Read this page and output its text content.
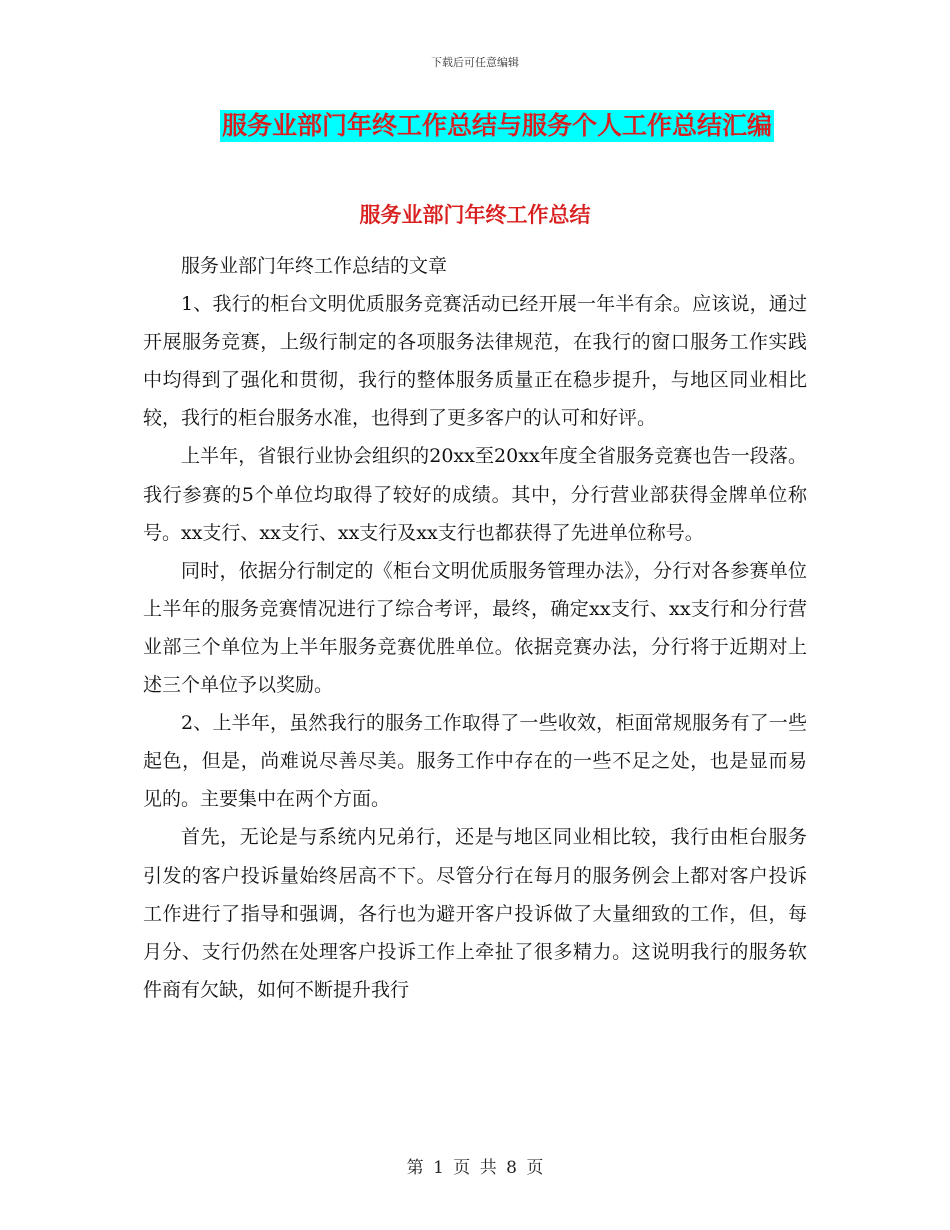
下载后可任意编辑
服务业部门年终工作总结与服务个人工作总结汇编
服务业部门年终工作总结

服务业部门年终工作总结的文章

1、我行的柜台文明优质服务竞赛活动已经开展一年半有余。应该说，通过开展服务竞赛，上级行制定的各项服务法律规范，在我行的窗口服务工作实践中均得到了强化和贯彻，我行的整体服务质量正在稳步提升，与地区同业相比较，我行的柜台服务水准，也得到了更多客户的认可和好评。

上半年，省银行业协会组织的20xx至20xx年度全省服务竞赛也告一段落。我行参赛的5个单位均取得了较好的成绩。其中，分行营业部获得金牌单位称号。xx支行、xx支行、xx支行及xx支行也都获得了先进单位称号。

同时，依据分行制定的《柜台文明优质服务管理办法》，分行对各参赛单位上半年的服务竞赛情况进行了综合考评，最终，确定xx支行、xx支行和分行营业部三个单位为上半年服务竞赛优胜单位。依据竞赛办法，分行将于近期对上述三个单位予以奖励。

2、上半年，虽然我行的服务工作取得了一些收效，柜面常规服务有了一些起色，但是，尚难说尽善尽美。服务工作中存在的一些不足之处，也是显而易见的。主要集中在两个方面。

首先，无论是与系统内兄弟行，还是与地区同业相比较，我行由柜台服务引发的客户投诉量始终居高不下。尽管分行在每月的服务例会上都对客户投诉工作进行了指导和强调，各行也为避开客户投诉做了大量细致的工作，但，每月分、支行仍然在处理客户投诉工作上牵扯了很多精力。这说明我行的服务软件商有欠缺，如何不断提升我行

第 1 页 共 8 页
